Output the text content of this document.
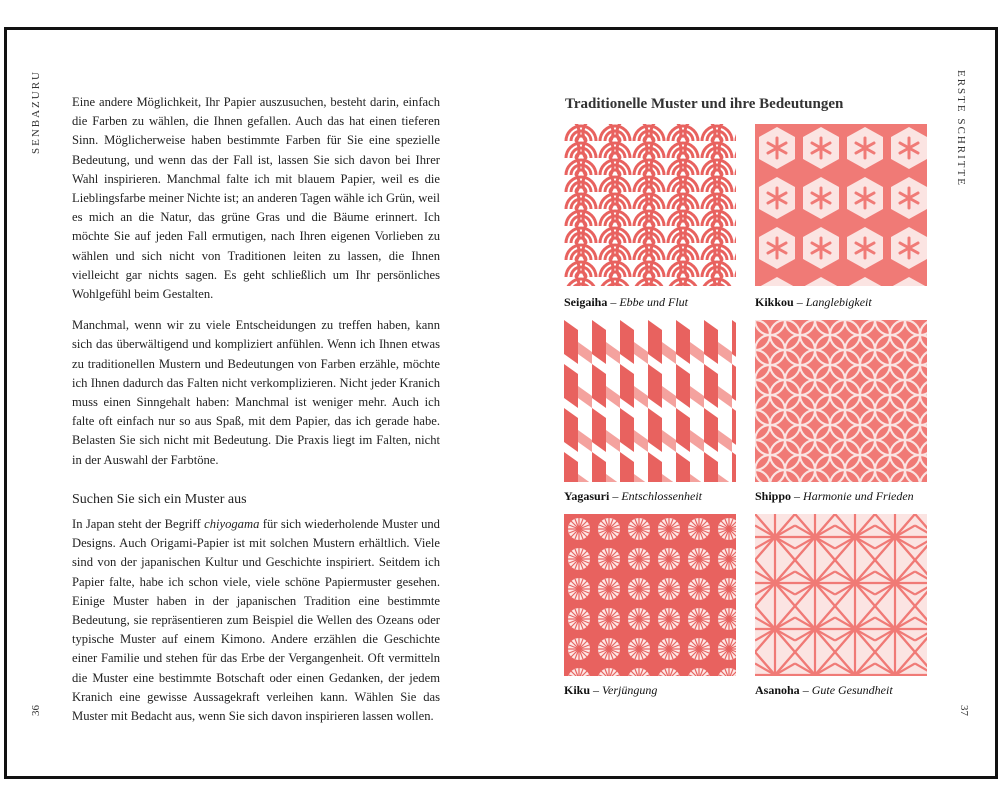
SENBAZURU	ERSTE SCHRITTE
36	37

Eine andere Möglichkeit, Ihr Papier auszusuchen, besteht darin, einfach die Farben zu wählen, die Ihnen gefallen. Auch das hat einen tieferen Sinn. Möglicherweise haben bestimmte Farben für Sie eine spezielle Bedeutung, und wenn das der Fall ist, lassen Sie sich davon bei Ihrer Wahl inspirieren. Manchmal falte ich mit blauem Papier, weil es die Lieblingsfarbe meiner Nichte ist; an anderen Tagen wähle ich Grün, weil es mich an die Natur, das grüne Gras und die Bäume erinnert. Ich möchte Sie auf jeden Fall ermutigen, nach Ihren eigenen Vorlieben zu wählen und sich nicht von Traditionen leiten zu lassen, die Ihnen vielleicht gar nichts sagen. Es geht schließlich um Ihr persönliches Wohlgefühl beim Gestalten.

Manchmal, wenn wir zu viele Entscheidungen zu treffen haben, kann sich das überwältigend und kompliziert anfühlen. Wenn ich Ihnen etwas zu traditionellen Mustern und Bedeutungen von Farben erzähle, möchte ich Ihnen dadurch das Falten nicht verkomplizieren. Nicht jeder Kranich muss einen Sinngehalt haben: Manchmal ist weniger mehr. Auch ich falte oft einfach nur so aus Spaß, mit dem Papier, das ich gerade habe. Belasten Sie sich nicht mit Bedeutung. Die Praxis liegt im Falten, nicht in der Auswahl der Farbtöne.

Suchen Sie sich ein Muster aus

In Japan steht der Begriff chiyogama für sich wiederholende Muster und Designs. Auch Origami-Papier ist mit solchen Mustern erhältlich. Viele sind von der japanischen Kultur und Geschichte inspiriert. Seitdem ich Papier falte, habe ich schon viele, viele schöne Papiermuster gesehen. Einige Muster haben in der japanischen Tradition eine bestimmte Bedeutung, sie repräsentieren zum Beispiel die Wellen des Ozeans oder typische Muster auf einem Kimono. Andere erzählen die Geschichte einer Familie und stehen für das Erbe der Vergangenheit. Oft vermitteln die Muster eine bestimmte Botschaft oder einen Gedanken, der jedem Kranich eine gewisse Aussagekraft verleihen kann. Wählen Sie das Muster mit Bedacht aus, wenn Sie sich davon inspirieren lassen wollen.

Traditionelle Muster und ihre Bedeutungen
Seigaiha – Ebbe und Flut	Kikkou – Langlebigkeit
Yagasuri – Entschlossenheit	Shippo – Harmonie und Frieden
Kiku – Verjüngung	Asanoha – Gute Gesundheit
